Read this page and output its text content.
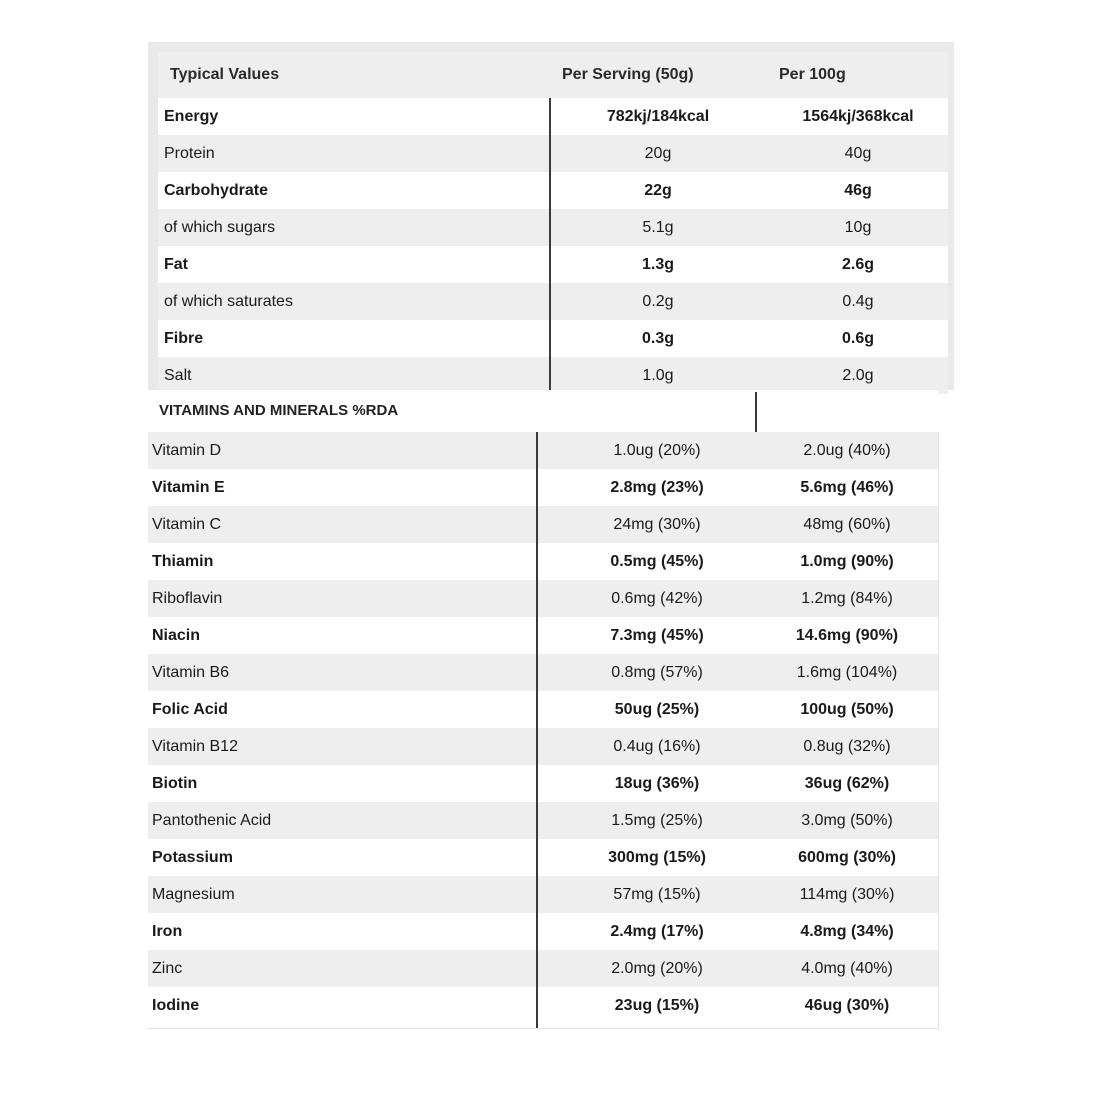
Typical Values	Per Serving (50g)	Per 100g
Energy	782kj/184kcal	1564kj/368kcal
Protein	20g	40g
Carbohydrate	22g	46g
of which sugars	5.1g	10g
Fat	1.3g	2.6g
of which saturates	0.2g	0.4g
Fibre	0.3g	0.6g
Salt	1.0g	2.0g
VITAMINS AND MINERALS %RDA
Vitamin D	1.0ug (20%)	2.0ug (40%)
Vitamin E	2.8mg (23%)	5.6mg (46%)
Vitamin C	24mg (30%)	48mg (60%)
Thiamin	0.5mg (45%)	1.0mg (90%)
Riboflavin	0.6mg (42%)	1.2mg (84%)
Niacin	7.3mg (45%)	14.6mg (90%)
Vitamin B6	0.8mg (57%)	1.6mg (104%)
Folic Acid	50ug (25%)	100ug (50%)
Vitamin B12	0.4ug (16%)	0.8ug (32%)
Biotin	18ug (36%)	36ug (62%)
Pantothenic Acid	1.5mg (25%)	3.0mg (50%)
Potassium	300mg (15%)	600mg (30%)
Magnesium	57mg (15%)	114mg (30%)
Iron	2.4mg (17%)	4.8mg (34%)
Zinc	2.0mg (20%)	4.0mg (40%)
Iodine	23ug (15%)	46ug (30%)
